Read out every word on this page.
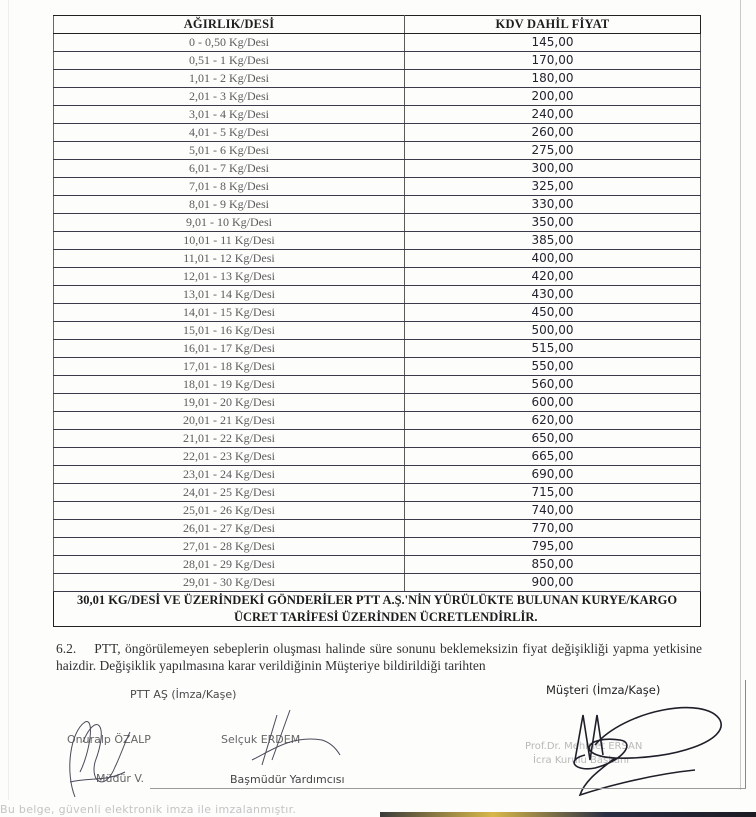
AĞIRLIK/DESİ	KDV DAHİL FİYAT
0 - 0,50 Kg/Desi	145,00
0,51 - 1 Kg/Desi	170,00
1,01 - 2 Kg/Desi	180,00
2,01 - 3 Kg/Desi	200,00
3,01 - 4 Kg/Desi	240,00
4,01 - 5 Kg/Desi	260,00
5,01 - 6 Kg/Desi	275,00
6,01 - 7 Kg/Desi	300,00
7,01 - 8 Kg/Desi	325,00
8,01 - 9 Kg/Desi	330,00
9,01 - 10 Kg/Desi	350,00
10,01 - 11 Kg/Desi	385,00
11,01 - 12 Kg/Desi	400,00
12,01 - 13 Kg/Desi	420,00
13,01 - 14 Kg/Desi	430,00
14,01 - 15 Kg/Desi	450,00
15,01 - 16 Kg/Desi	500,00
16,01 - 17 Kg/Desi	515,00
17,01 - 18 Kg/Desi	550,00
18,01 - 19 Kg/Desi	560,00
19,01 - 20 Kg/Desi	600,00
20,01 - 21 Kg/Desi	620,00
21,01 - 22 Kg/Desi	650,00
22,01 - 23 Kg/Desi	665,00
23,01 - 24 Kg/Desi	690,00
24,01 - 25 Kg/Desi	715,00
25,01 - 26 Kg/Desi	740,00
26,01 - 27 Kg/Desi	770,00
27,01 - 28 Kg/Desi	795,00
28,01 - 29 Kg/Desi	850,00
29,01 - 30 Kg/Desi	900,00

30,01 KG/DESİ VE ÜZERİNDEKİ GÖNDERİLER PTT A.Ş.'NİN YÜRÜLÜKTE BULUNAN KURYE/KARGO
ÜCRET TARİFESİ ÜZERİNDEN ÜCRETLENDİRLİR.	
6.2. PTT, öngörülemeyen sebeplerin oluşması halinde süre sonunu beklemeksizin fiyat değişikliği yapma yetkisine haizdir. Değişiklik yapılmasına karar verildiğinin Müşteriye bildirildiği tarihten
PTT AŞ (İmza/Kaşe)	Müşteri (İmza/Kaşe)
Onuralp ÖZALP
Müdür V.
Selçuk ERDEM
Başmüdür Yardımcısı
Prof.Dr. Mehmet ERSAN
İcra Kurulu Başkanı
Bu belge, güvenli elektronik imza ile imzalanmıştır.
